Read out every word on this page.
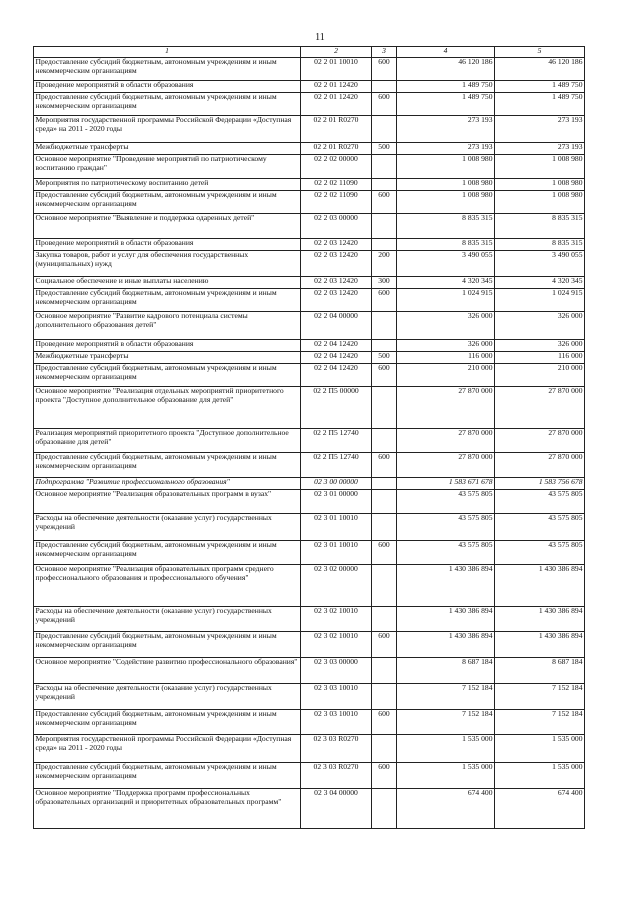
11
1	2	3	4	5
Предоставление субсидий бюджетным, автономным учреждениям и иным некоммерческим организациям	02 2 01 10010	600	46 120 186	46 120 186
Проведение мероприятий в области образования	02 2 01 12420		1 489 750	1 489 750
Предоставление субсидий бюджетным, автономным учреждениям и иным некоммерческим организациям	02 2 01 12420	600	1 489 750	1 489 750
Мероприятия государственной программы Российской Федерации «Доступная среда» на 2011 - 2020 годы	02 2 01 R0270		273 193	273 193
Межбюджетные трансферты	02 2 01 R0270	500	273 193	273 193
Основное мероприятие "Проведение мероприятий по патриотическому воспитанию граждан"	02 2 02 00000		1 008 980	1 008 980
Мероприятия по патриотическому воспитанию детей	02 2 02 11090		1 008 980	1 008 980
Предоставление субсидий бюджетным, автономным учреждениям и иным некоммерческим организациям	02 2 02 11090	600	1 008 980	1 008 980
Основное мероприятие "Выявление и поддержка одаренных детей"	02 2 03 00000		8 835 315	8 835 315
Проведение мероприятий в области образования	02 2 03 12420		8 835 315	8 835 315
Закупка товаров, работ и услуг для обеспечения государственных (муниципальных) нужд	02 2 03 12420	200	3 490 055	3 490 055
Социальное обеспечение и иные выплаты населению	02 2 03 12420	300	4 320 345	4 320 345
Предоставление субсидий бюджетным, автономным учреждениям и иным некоммерческим организациям	02 2 03 12420	600	1 024 915	1 024 915
Основное мероприятие "Развитие кадрового потенциала системы дополнительного образования детей"	02 2 04 00000		326 000	326 000
Проведение мероприятий в области образования	02 2 04 12420		326 000	326 000
Межбюджетные трансферты	02 2 04 12420	500	116 000	116 000
Предоставление субсидий бюджетным, автономным учреждениям и иным некоммерческим организациям	02 2 04 12420	600	210 000	210 000
Основное мероприятие "Реализация отдельных мероприятий приоритетного проекта "Доступное дополнительное образование для детей"	02 2 П5 00000		27 870 000	27 870 000
Реализация мероприятий приоритетного проекта "Доступное дополнительное образование для детей"	02 2 П5 12740		27 870 000	27 870 000
Предоставление субсидий бюджетным, автономным учреждениям и иным некоммерческим организациям	02 2 П5 12740	600	27 870 000	27 870 000
Подпрограмма "Развитие профессионального образования"	02 3 00 00000		1 583 671 678	1 583 756 678
Основное мероприятие "Реализация образовательных программ в вузах"	02 3 01 00000		43 575 805	43 575 805
Расходы на обеспечение деятельности (оказание услуг) государственных учреждений	02 3 01 10010		43 575 805	43 575 805
Предоставление субсидий бюджетным, автономным учреждениям и иным некоммерческим организациям	02 3 01 10010	600	43 575 805	43 575 805
Основное мероприятие "Реализация образовательных программ среднего профессионального образования и профессионального обучения"	02 3 02 00000		1 430 386 894	1 430 386 894
Расходы на обеспечение деятельности (оказание услуг) государственных учреждений	02 3 02 10010		1 430 386 894	1 430 386 894
Предоставление субсидий бюджетным, автономным учреждениям и иным некоммерческим организациям	02 3 02 10010	600	1 430 386 894	1 430 386 894
Основное мероприятие "Содействие развитию профессионального образования"	02 3 03 00000		8 687 184	8 687 184
Расходы на обеспечение деятельности (оказание услуг) государственных учреждений	02 3 03 10010		7 152 184	7 152 184
Предоставление субсидий бюджетным, автономным учреждениям и иным некоммерческим организациям	02 3 03 10010	600	7 152 184	7 152 184
Мероприятия государственной программы Российской Федерации «Доступная среда» на 2011 - 2020 годы	02 3 03 R0270		1 535 000	1 535 000
Предоставление субсидий бюджетным, автономным учреждениям и иным некоммерческим организациям	02 3 03 R0270	600	1 535 000	1 535 000
Основное мероприятие "Поддержка программ профессиональных образовательных организаций и приоритетных образовательных программ"	02 3 04 00000		674 400	674 400
